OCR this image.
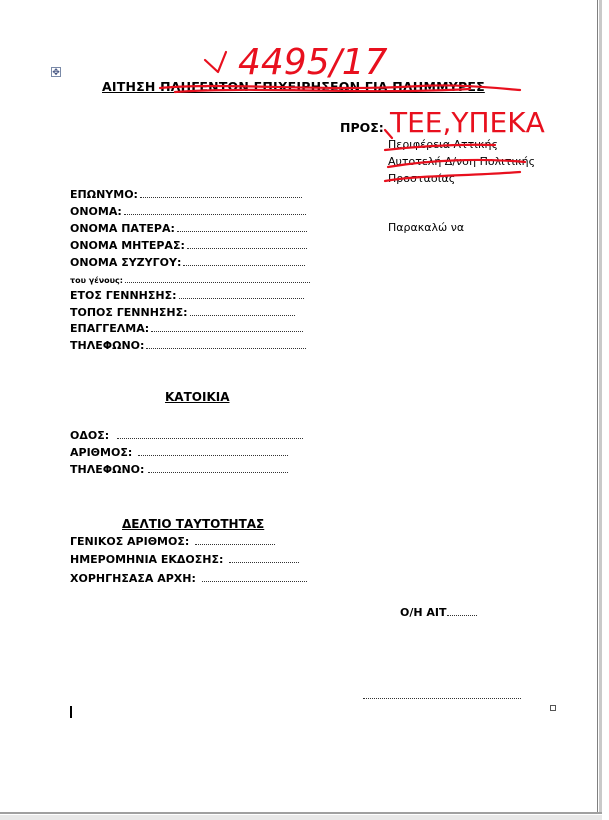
✥
ΑΙΤΗΣΗ ΠΛΗΓΕΝΤΩΝ ΕΠΙΧΕΙΡΗΣΕΩΝ ΓΙΑ ΠΛΗΜΜΥΡΕΣ
ΠΡΟΣ:
Περιφέρεια Αττικής
Αυτοτελή Δ/νση Πολιτικής
Προστασίας
Παρακαλώ να
ΕΠΩΝΥΜΟ:
ΟΝΟΜΑ:
ΟΝΟΜΑ ΠΑΤΕΡΑ:
ΟΝΟΜΑ ΜΗΤΕΡΑΣ:
ΟΝΟΜΑ ΣΥΖΥΓΟΥ:
του γένους:
ΕΤΟΣ ΓΕΝΝΗΣΗΣ:
ΤΟΠΟΣ ΓΕΝΝΗΣΗΣ:
ΕΠΑΓΓΕΛΜΑ:
ΤΗΛΕΦΩΝΟ:
ΚΑΤΟΙΚΙΑ
ΟΔΟΣ:
ΑΡΙΘΜΟΣ:
ΤΗΛΕΦΩΝΟ:
ΔΕΛΤΙΟ ΤΑΥΤΟΤΗΤΑΣ
ΓΕΝΙΚΟΣ ΑΡΙΘΜΟΣ:
ΗΜΕΡΟΜΗΝΙΑ ΕΚΔΟΣΗΣ:
ΧΟΡΗΓΗΣΑΣΑ ΑΡΧΗ:
Ο/Η ΑΙΤ
4495/17
ΤΕΕ,ΥΠΕΚΑ
